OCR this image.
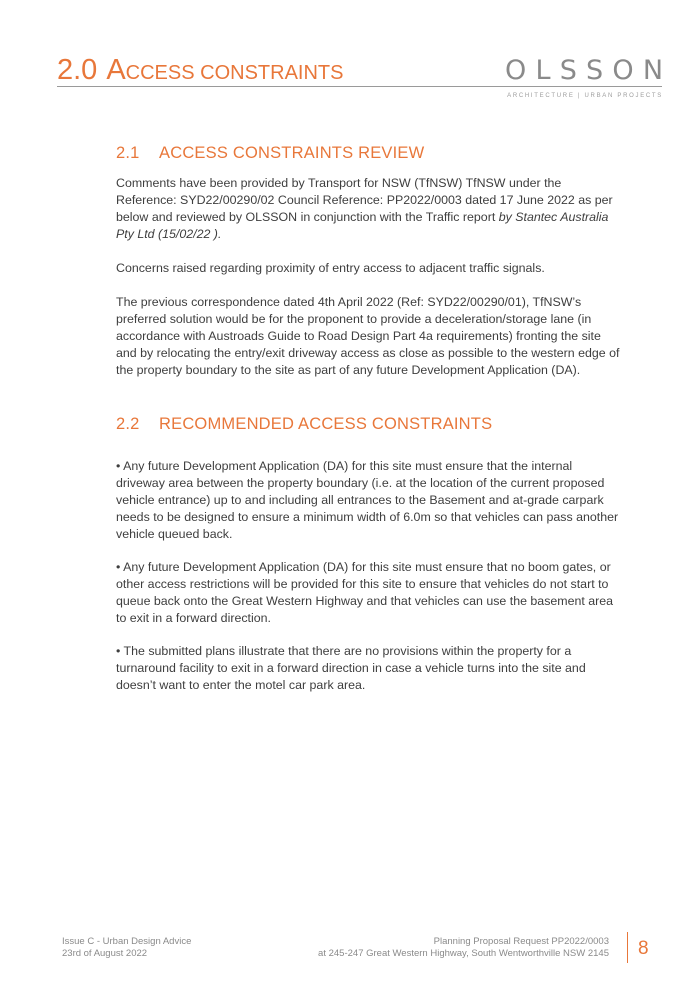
2.0 ACCESS CONSTRAINTS	OLSSON
ARCHITECTURE | URBAN PROJECTS
2.1 ACCESS CONSTRAINTS REVIEW

Comments have been provided by Transport for NSW (TfNSW) TfNSW under the Reference: SYD22/00290/02 Council Reference: PP2022/0003 dated 17 June 2022 as per below and reviewed by OLSSON in conjunction with the Traffic report by Stantec Australia Pty Ltd (15/02/22 ).

Concerns raised regarding proximity of entry access to adjacent traffic signals.

The previous correspondence dated 4th April 2022 (Ref: SYD22/00290/01), TfNSW’s preferred solution would be for the proponent to provide a deceleration/storage lane (in accordance with Austroads Guide to Road Design Part 4a requirements) fronting the site and by relocating the entry/exit driveway access as close as possible to the western edge of the property boundary to the site as part of any future Development Application (DA).

2.2 RECOMMENDED ACCESS CONSTRAINTS

• Any future Development Application (DA) for this site must ensure that the internal driveway area between the property boundary (i.e. at the location of the current proposed vehicle entrance) up to and including all entrances to the Basement and at-grade carpark needs to be designed to ensure a minimum width of 6.0m so that vehicles can pass another vehicle queued back.

• Any future Development Application (DA) for this site must ensure that no boom gates, or other access restrictions will be provided for this site to ensure that vehicles do not start to queue back onto the Great Western Highway and that vehicles can use the basement area to exit in a forward direction.

• The submitted plans illustrate that there are no provisions within the property for a turnaround facility to exit in a forward direction in case a vehicle turns into the site and doesn’t want to enter the motel car park area.

Issue C - Urban Design Advice
23rd of August 2022
Planning Proposal Request PP2022/0003
at 245-247 Great Western Highway, South Wentworthville NSW 2145 8
